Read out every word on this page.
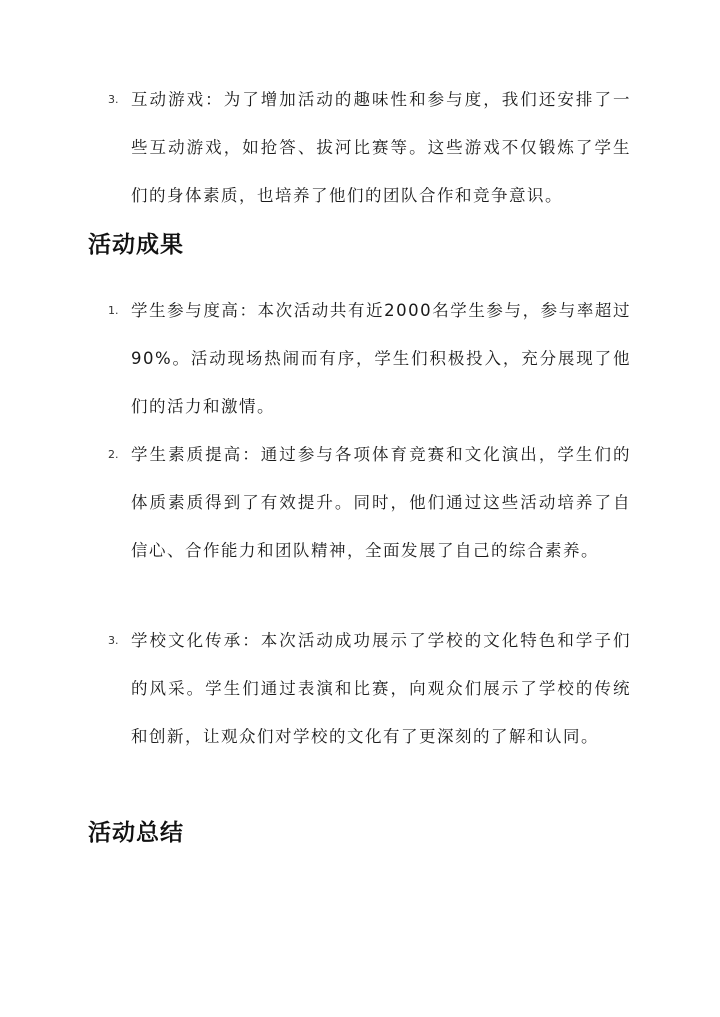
3. 互动游戏：为了增加活动的趣味性和参与度，我们还安排了一些互动游戏，如抢答、拔河比赛等。这些游戏不仅锻炼了学生们的身体素质，也培养了他们的团队合作和竞争意识。
活动成果
1. 学生参与度高：本次活动共有近2000名学生参与，参与率超过90%。活动现场热闹而有序，学生们积极投入，充分展现了他们的活力和激情。
2. 学生素质提高：通过参与各项体育竞赛和文化演出，学生们的体质素质得到了有效提升。同时，他们通过这些活动培养了自信心、合作能力和团队精神，全面发展了自己的综合素养。
3. 学校文化传承：本次活动成功展示了学校的文化特色和学子们的风采。学生们通过表演和比赛，向观众们展示了学校的传统和创新，让观众们对学校的文化有了更深刻的了解和认同。
活动总结
